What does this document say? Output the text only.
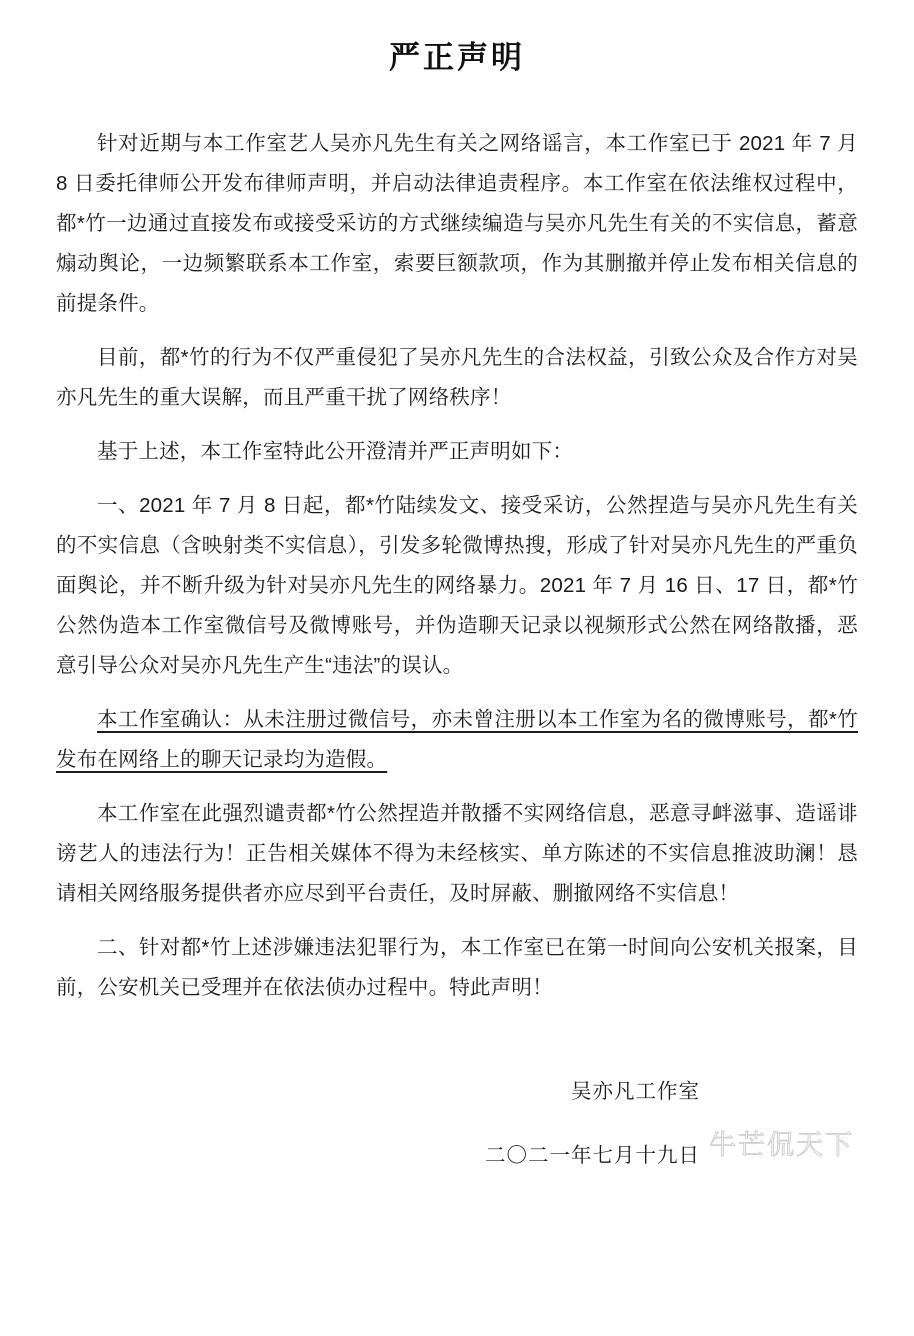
严正声明

针对近期与本工作室艺人吴亦凡先生有关之网络谣言，本工作室已于 2021 年 7 月 8 日委托律师公开发布律师声明，并启动法律追责程序。本工作室在依法维权过程中，都*竹一边通过直接发布或接受采访的方式继续编造与吴亦凡先生有关的不实信息，蓄意煽动舆论，一边频繁联系本工作室，索要巨额款项，作为其删撤并停止发布相关信息的前提条件。

目前，都*竹的行为不仅严重侵犯了吴亦凡先生的合法权益，引致公众及合作方对吴亦凡先生的重大误解，而且严重干扰了网络秩序！

基于上述，本工作室特此公开澄清并严正声明如下：

一、2021 年 7 月 8 日起，都*竹陆续发文、接受采访，公然捏造与吴亦凡先生有关的不实信息（含映射类不实信息），引发多轮微博热搜，形成了针对吴亦凡先生的严重负面舆论，并不断升级为针对吴亦凡先生的网络暴力。2021 年 7 月 16 日、17 日，都*竹公然伪造本工作室微信号及微博账号，并伪造聊天记录以视频形式公然在网络散播，恶意引导公众对吴亦凡先生产生“违法”的误认。

本工作室确认：从未注册过微信号，亦未曾注册以本工作室为名的微博账号，都*竹发布在网络上的聊天记录均为造假。

本工作室在此强烈谴责都*竹公然捏造并散播不实网络信息，恶意寻衅滋事、造谣诽谤艺人的违法行为！正告相关媒体不得为未经核实、单方陈述的不实信息推波助澜！恳请相关网络服务提供者亦应尽到平台责任，及时屏蔽、删撤网络不实信息！

二、针对都*竹上述涉嫌违法犯罪行为，本工作室已在第一时间向公安机关报案，目前，公安机关已受理并在依法侦办过程中。特此声明！

吴亦凡工作室
二〇二一年七月十九日 牛芒侃天下
